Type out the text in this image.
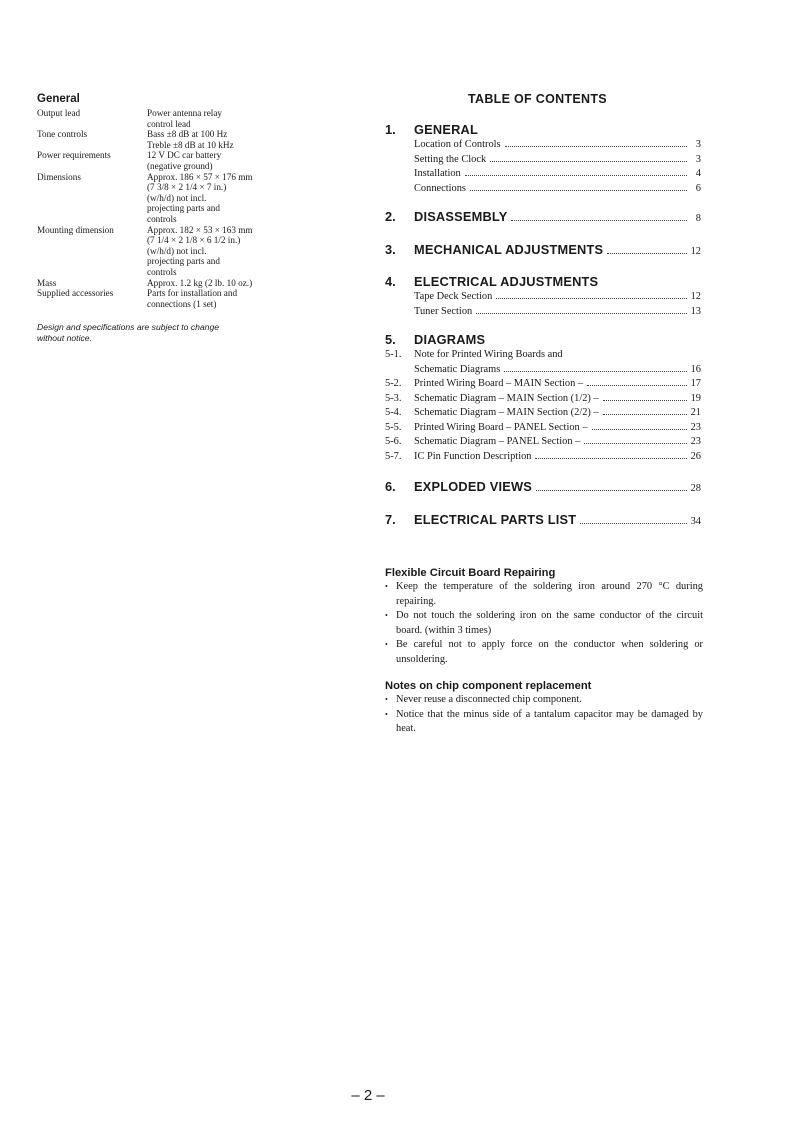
General
Output lead	Power antenna relay
control lead
Tone controls	Bass ±8 dB at 100 Hz
Treble ±8 dB at 10 kHz
Power requirements	12 V DC car battery
(negative ground)
Dimensions	Approx. 186 × 57 × 176 mm
(7 3/8 × 2 1/4 × 7 in.)
(w/h/d) not incl.
projecting parts and
controls
Mounting dimension	Approx. 182 × 53 × 163 mm
(7 1/4 × 2 1/8 × 6 1/2 in.)
(w/h/d) not incl.
projecting parts and
controls
Mass	Approx. 1.2 kg (2 lb. 10 oz.)
Supplied accessories	Parts for installation and
connections (1 set)
Design and specifications are subject to change
without notice.
TABLE OF CONTENTS
1.	GENERAL
Location of Controls	3
Setting the Clock	3
Installation	4
Connections	6
2.	DISASSEMBLY	8
3.	MECHANICAL ADJUSTMENTS	12
4.	ELECTRICAL ADJUSTMENTS
Tape Deck Section	12
Tuner Section	13
5.	DIAGRAMS
5-1.	Note for Printed Wiring Boards and
Schematic Diagrams	16
5-2.	Printed Wiring Board – MAIN Section –	17
5-3.	Schematic Diagram – MAIN Section (1/2) –	19
5-4.	Schematic Diagram – MAIN Section (2/2) –	21
5-5.	Printed Wiring Board – PANEL Section –	23
5-6.	Schematic Diagram – PANEL Section –	23
5-7.	IC Pin Function Description	26
6.	EXPLODED VIEWS	28
7.	ELECTRICAL PARTS LIST	34
Flexible Circuit Board Repairing
• Keep the temperature of the soldering iron around 270 °C during repairing.
• Do not touch the soldering iron on the same conductor of the circuit board. (within 3 times)
• Be careful not to apply force on the conductor when soldering or unsoldering.
Notes on chip component replacement
• Never reuse a disconnected chip component.
• Notice that the minus side of a tantalum capacitor may be damaged by heat.
– 2 –
